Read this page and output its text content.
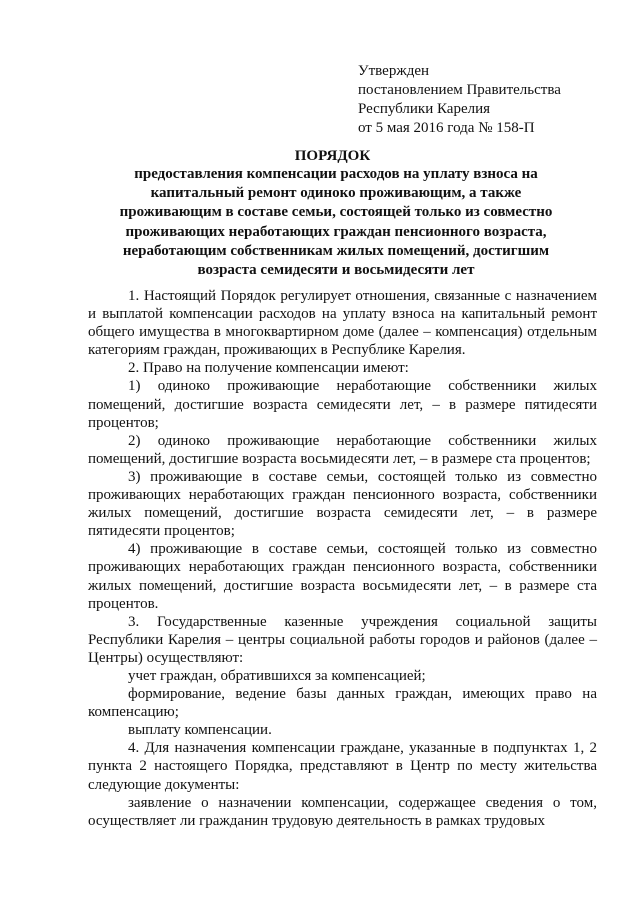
Утвержден
постановлением Правительства
Республики Карелия
от 5 мая 2016 года № 158-П
ПОРЯДОК
предоставления компенсации расходов на уплату взноса на капитальный ремонт одиноко проживающим, а также проживающим в составе семьи, состоящей только из совместно проживающих неработающих граждан пенсионного возраста, неработающим собственникам жилых помещений, достигшим возраста семидесяти и восьмидесяти лет

1. Настоящий Порядок регулирует отношения, связанные с назначением и выплатой компенсации расходов на уплату взноса на капитальный ремонт общего имущества в многоквартирном доме (далее – компенсация) отдельным категориям граждан, проживающих в Республике Карелия.

2. Право на получение компенсации имеют:

1) одиноко проживающие неработающие собственники жилых помещений, достигшие возраста семидесяти лет, – в размере пятидесяти процентов;

2) одиноко проживающие неработающие собственники жилых помещений, достигшие возраста восьмидесяти лет, – в размере ста процентов;

3) проживающие в составе семьи, состоящей только из совместно проживающих неработающих граждан пенсионного возраста, собственники жилых помещений, достигшие возраста семидесяти лет, – в размере пятидесяти процентов;

4) проживающие в составе семьи, состоящей только из совместно проживающих неработающих граждан пенсионного возраста, собственники жилых помещений, достигшие возраста восьмидесяти лет, – в размере ста процентов.

3. Государственные казенные учреждения социальной защиты Республики Карелия – центры социальной работы городов и районов (далее – Центры) осуществляют:

учет граждан, обратившихся за компенсацией;

формирование, ведение базы данных граждан, имеющих право на компенсацию;

выплату компенсации.

4. Для назначения компенсации граждане, указанные в подпунктах 1, 2 пункта 2 настоящего Порядка, представляют в Центр по месту жительства следующие документы:

заявление о назначении компенсации, содержащее сведения о том, осуществляет ли гражданин трудовую деятельность в рамках трудовых
